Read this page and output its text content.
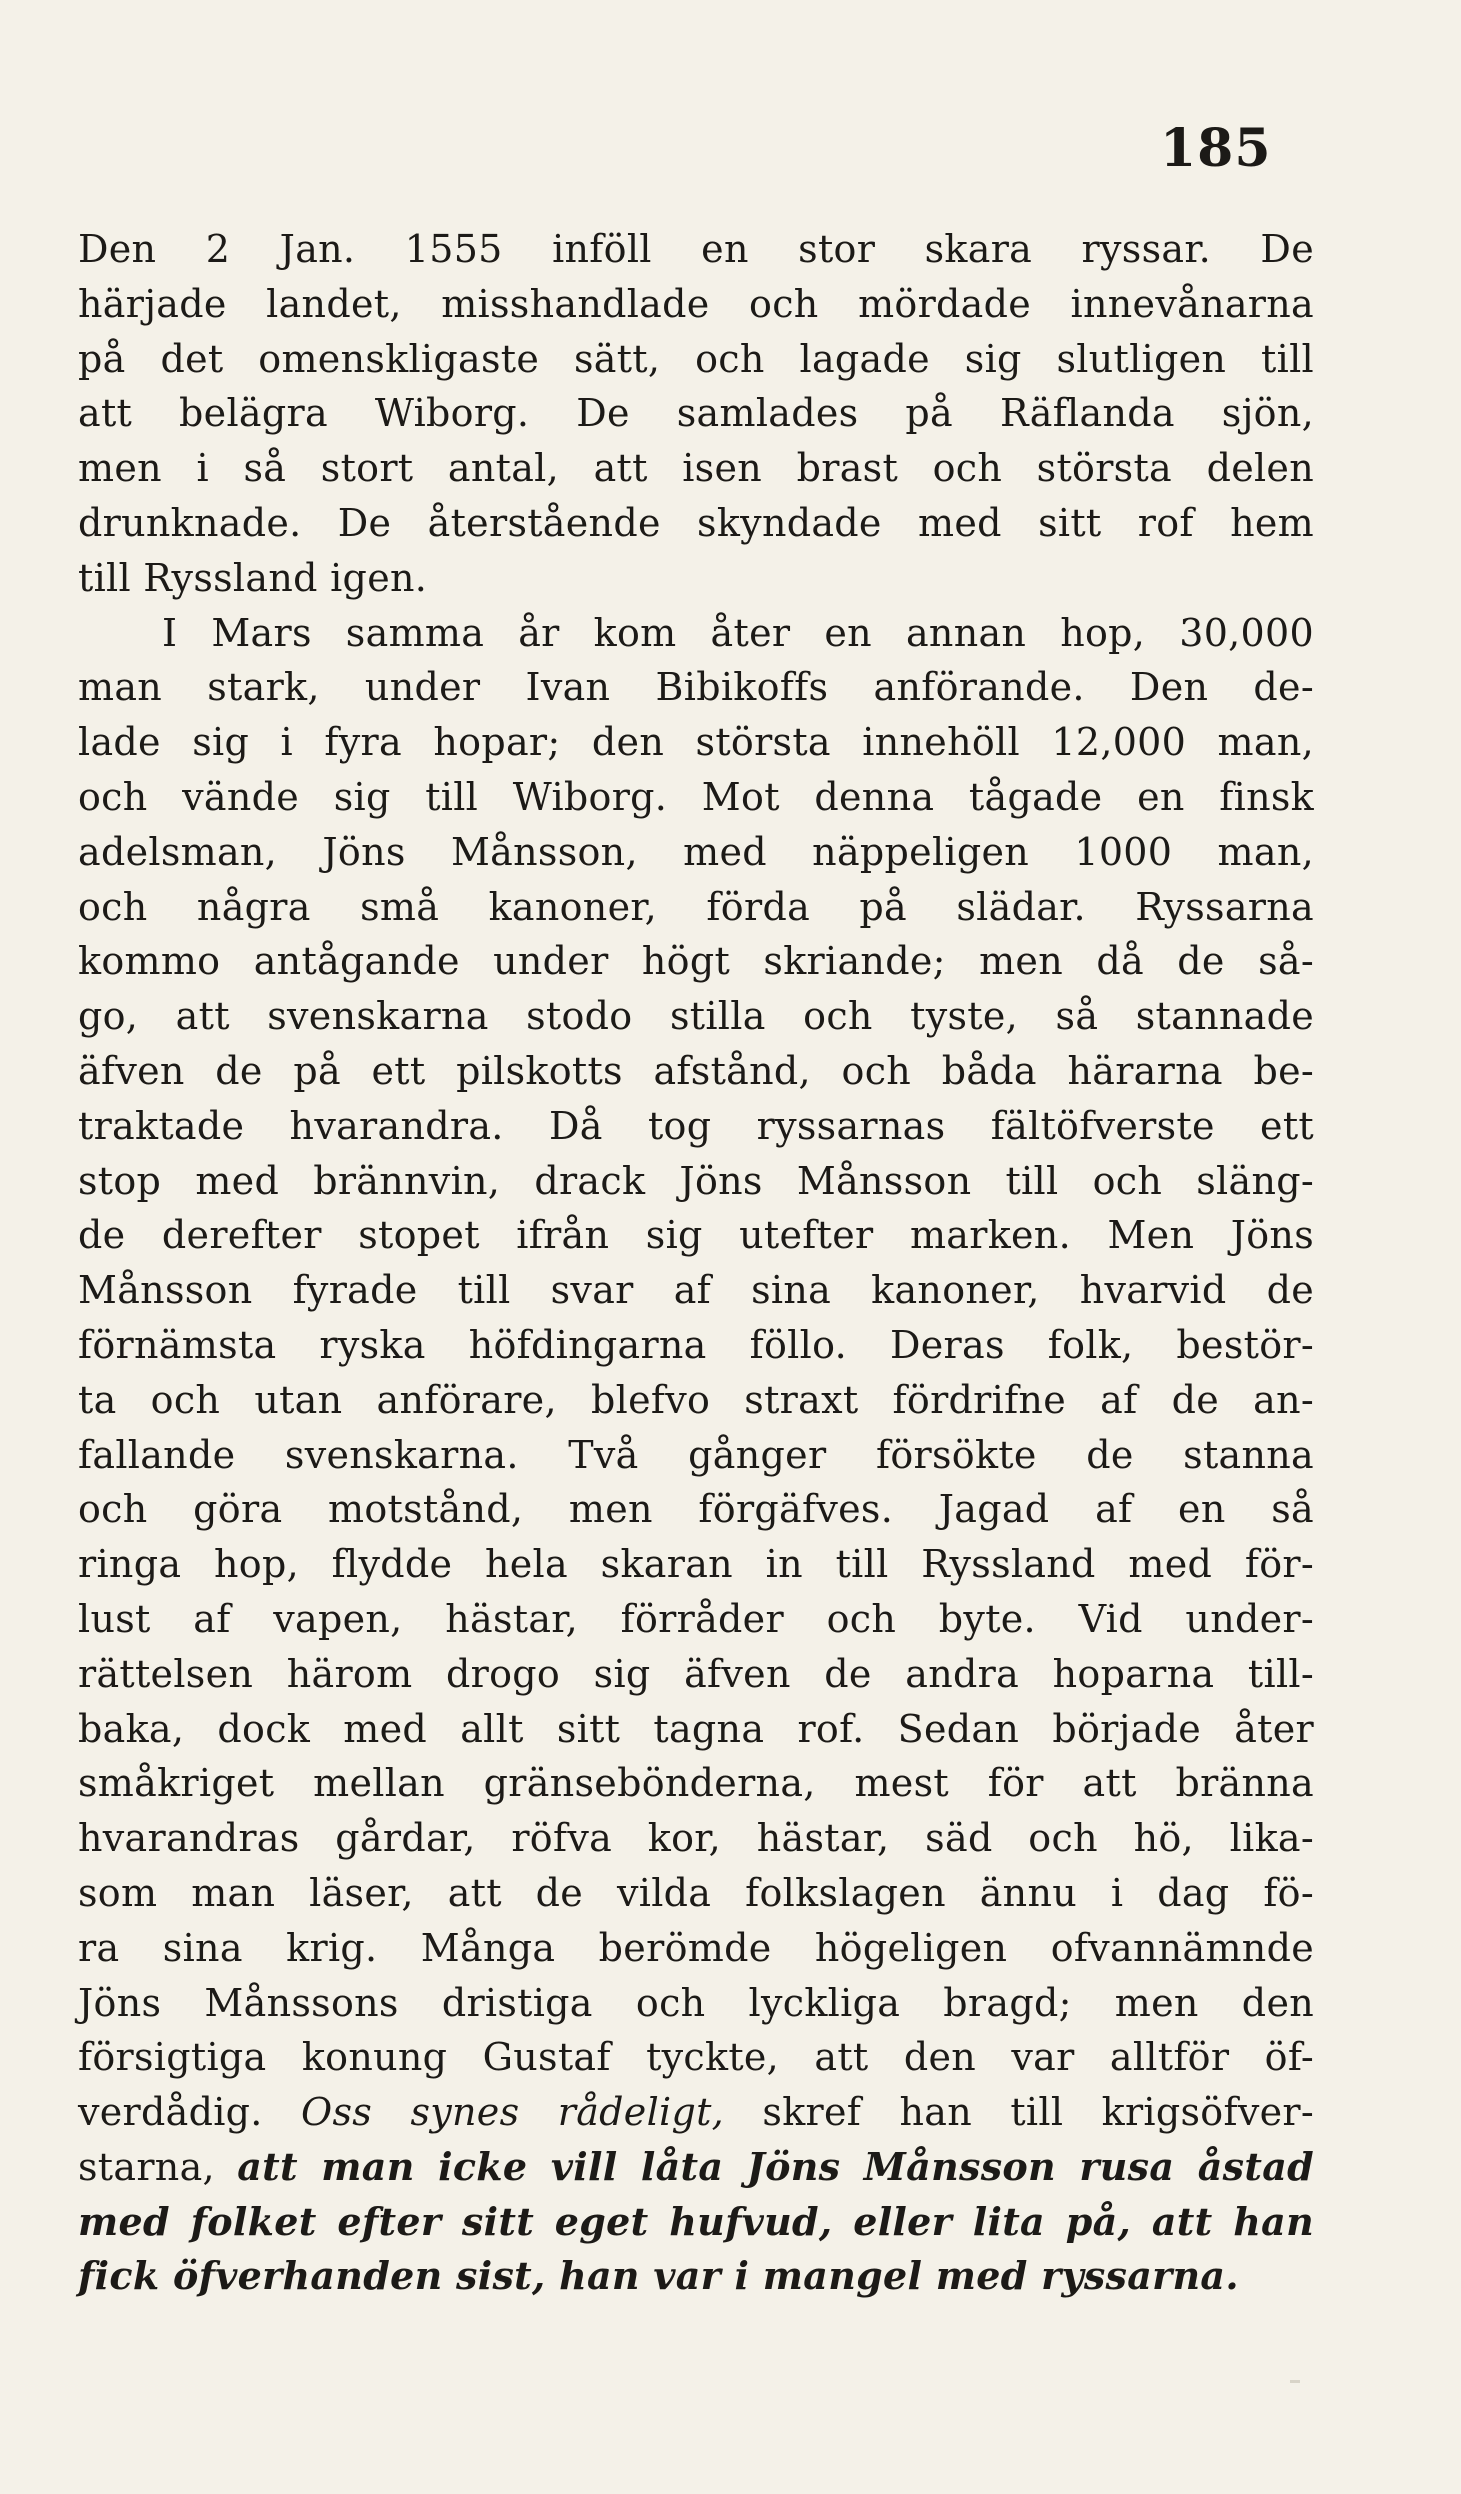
185
Den 2 Jan. 1555 inföll en stor skara ryssar. De
härjade landet, misshandlade och mördade innevånarna
på det omenskligaste sätt, och lagade sig slutligen till
att belägra Wiborg. De samlades på Räflanda sjön,
men i så stort antal, att isen brast och största delen
drunknade. De återstående skyndade med sitt rof hem
till Ryssland igen.
I Mars samma år kom åter en annan hop, 30,000
man stark, under Ivan Bibikoffs anförande. Den de-
lade sig i fyra hopar; den största innehöll 12,000 man,
och vände sig till Wiborg. Mot denna tågade en finsk
adelsman, Jöns Månsson, med näppeligen 1000 man,
och några små kanoner, förda på slädar. Ryssarna
kommo antågande under högt skriande; men då de så-
go, att svenskarna stodo stilla och tyste, så stannade
äfven de på ett pilskotts afstånd, och båda härarna be-
traktade hvarandra. Då tog ryssarnas fältöfverste ett
stop med brännvin, drack Jöns Månsson till och släng-
de derefter stopet ifrån sig utefter marken. Men Jöns
Månsson fyrade till svar af sina kanoner, hvarvid de
förnämsta ryska höfdingarna föllo. Deras folk, bestör-
ta och utan anförare, blefvo straxt fördrifne af de an-
fallande svenskarna. Två gånger försökte de stanna
och göra motstånd, men förgäfves. Jagad af en så
ringa hop, flydde hela skaran in till Ryssland med för-
lust af vapen, hästar, förråder och byte. Vid under-
rättelsen härom drogo sig äfven de andra hoparna till-
baka, dock med allt sitt tagna rof. Sedan började åter
småkriget mellan gränsebönderna, mest för att bränna
hvarandras gårdar, röfva kor, hästar, säd och hö, lika-
som man läser, att de vilda folkslagen ännu i dag fö-
ra sina krig. Många berömde högeligen ofvannämnde
Jöns Månssons dristiga och lyckliga bragd; men den
försigtiga konung Gustaf tyckte, att den var alltför öf-
verdådig. Oss synes rådeligt, skref han till krigsöfver-
starna, att man icke vill låta Jöns Månsson rusa åstad
med folket efter sitt eget hufvud, eller lita på, att han
fick öfverhanden sist, han var i mangel med ryssarna.
